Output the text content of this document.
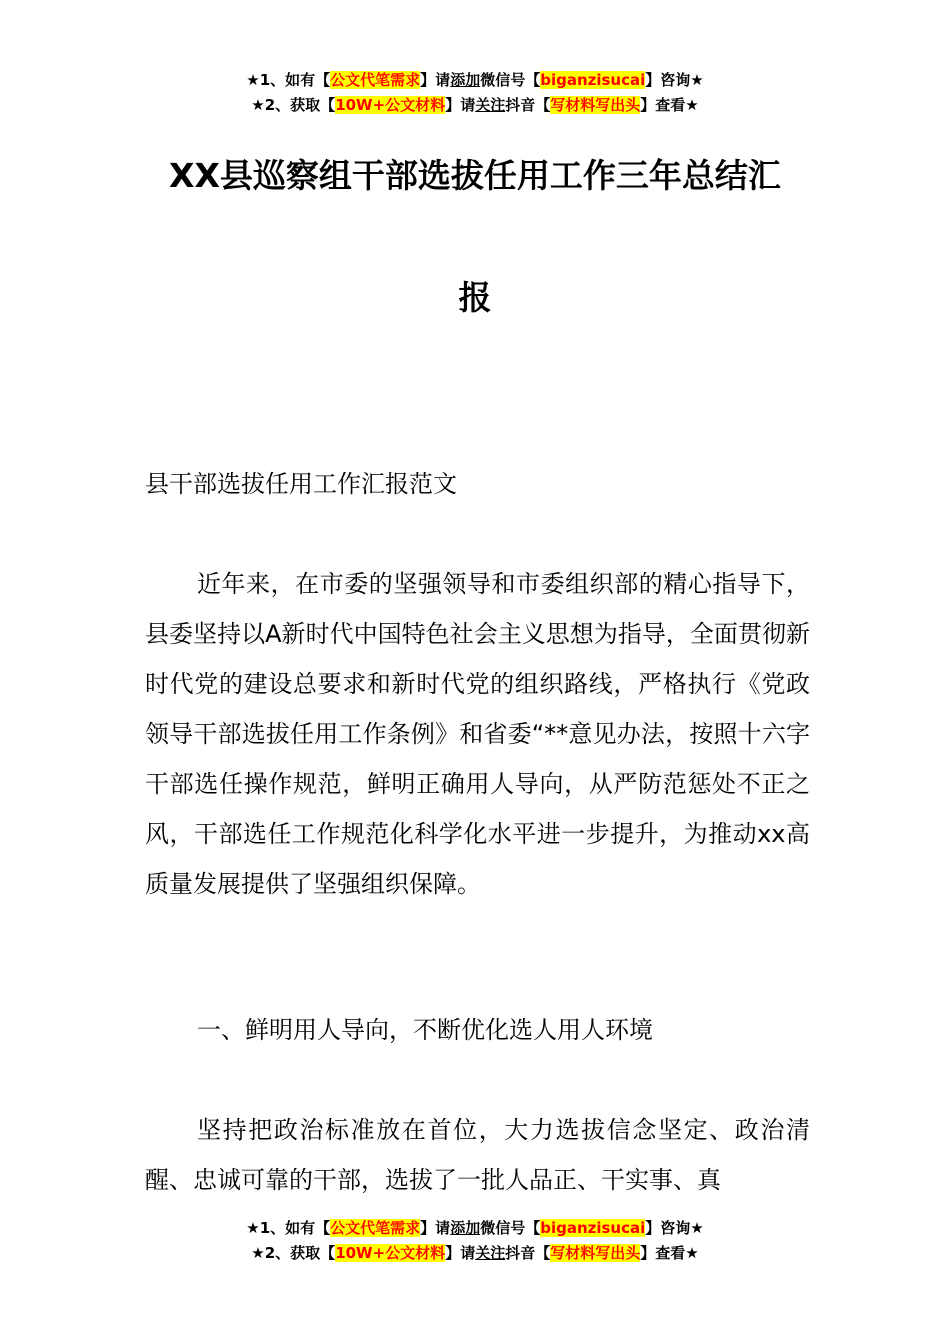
★1、如有【公文代笔需求】请添加微信号【biganzisucai】咨询★
★2、获取【10W+公文材料】请关注抖音【写材料写出头】查看★
XX县巡察组干部选拔任用工作三年总结汇
报
县干部选拔任用工作汇报范文
近年来，在市委的坚强领导和市委组织部的精心指导下，县委坚持以A新时代中国特色社会主义思想为指导，全面贯彻新时代党的建设总要求和新时代党的组织路线，严格执行《党政领导干部选拔任用工作条例》和省委“**意见办法，按照十六字干部选任操作规范，鲜明正确用人导向，从严防范惩处不正之风，干部选任工作规范化科学化水平进一步提升，为推动xx高质量发展提供了坚强组织保障。
一、鲜明用人导向，不断优化选人用人环境
坚持把政治标准放在首位，大力选拔信念坚定、政治清醒、忠诚可靠的干部，选拔了一批人品正、干实事、真
★1、如有【公文代笔需求】请添加微信号【biganzisucai】咨询★
★2、获取【10W+公文材料】请关注抖音【写材料写出头】查看★
